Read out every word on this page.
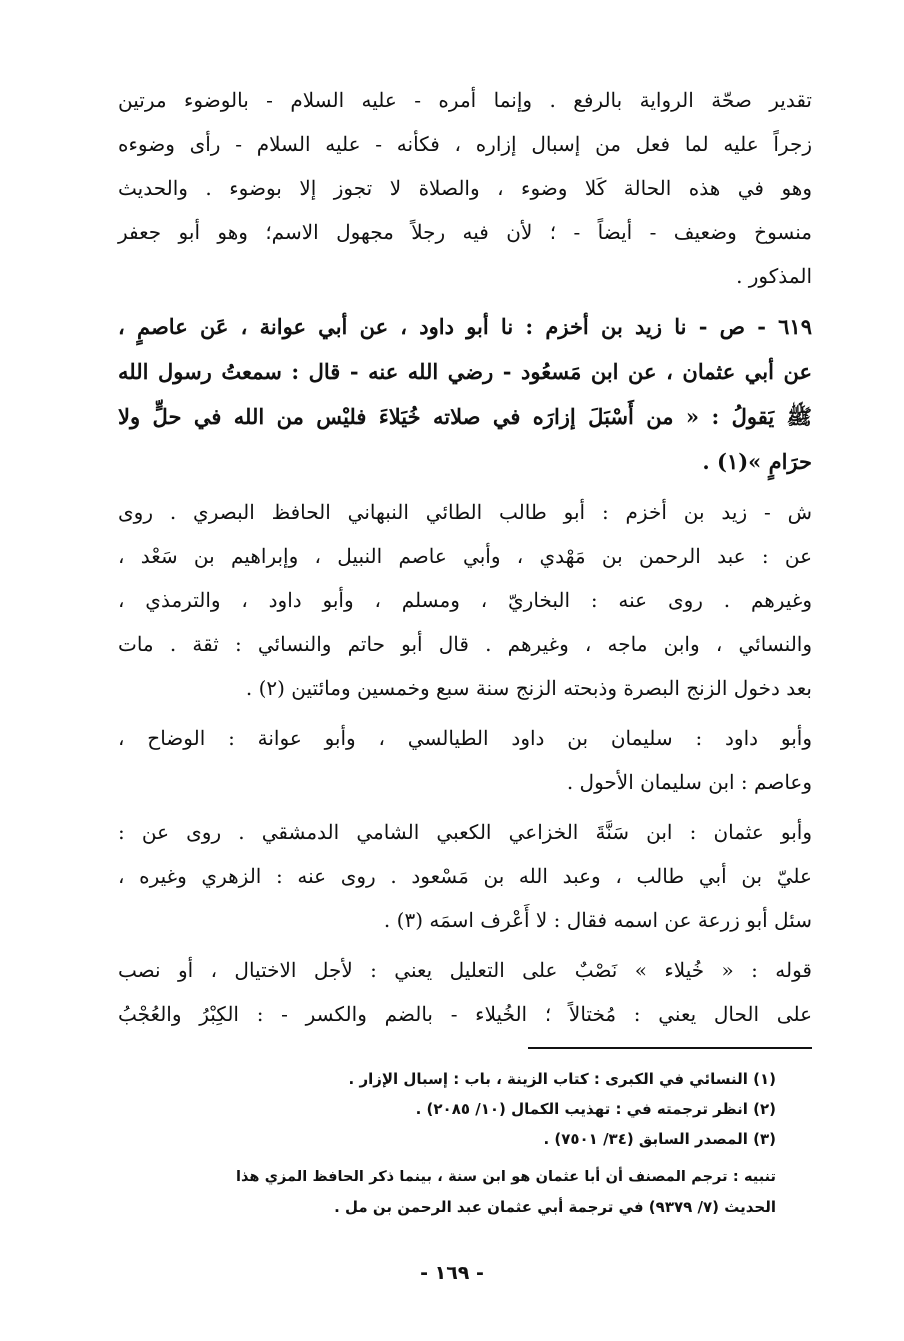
تقدير صحّة الرواية بالرفع . وإنما أمره - عليه السلام - بالوضوء مرتين
زجراً عليه لما فعل من إسبال إزاره ، فكأنه - عليه السلام - رأى وضوءه
وهو في هذه الحالة كَلا وضوء ، والصلاة لا تجوز إلا بوضوء . والحديث
منسوخ وضعيف - أيضاً - ؛ لأن فيه رجلاً مجهول الاسم؛ وهو أبو جعفر
المذكور .
٦١٩ - ص - نا زيد بن أخزم : نا أبو داود ، عن أبي عوانة ، عَن عاصمٍ ،
عن أبي عثمان ، عن ابن مَسعُود - رضي الله عنه - قال : سمعتُ رسول الله
ﷺ يَقولُ : « من أَسْبَلَ إزارَه في صلاته خُيَلاءَ فليْس من الله في حلٍّ ولا
حرَامٍ »(١) .
ش - زيد بن أخزم : أبو طالب الطائي النبهاني الحافظ البصري . روى
عن : عبد الرحمن بن مَهْدي ، وأبي عاصم النبيل ، وإبراهيم بن سَعْد ،
وغيرهم . روى عنه : البخاريّ ، ومسلم ، وأبو داود ، والترمذي ،
والنسائي ، وابن ماجه ، وغيرهم . قال أبو حاتم والنسائي : ثقة . مات
بعد دخول الزنج البصرة وذبحته الزنج سنة سبع وخمسين ومائتين (٢) .
وأبو داود : سليمان بن داود الطيالسي ، وأبو عوانة : الوضاح ،
وعاصم : ابن سليمان الأحول .
وأبو عثمان : ابن سَنَّةَ الخزاعي الكعبي الشامي الدمشقي . روى عن :
عليّ بن أبي طالب ، وعبد الله بن مَسْعود . روى عنه : الزهري وغيره ،
سئل أبو زرعة عن اسمه فقال : لا أَعْرف اسمَه (٣) .
قوله : « خُيلاء » نَصْبٌ على التعليل يعني : لأجل الاختيال ، أو نصب
على الحال يعني : مُختالاً ؛ الخُيلاء - بالضم والكسر - : الكِبْرُ والعُجْبُ
(١) النسائي في الكبرى : كتاب الزينة ، باب : إسبال الإزار .
(٢) انظر ترجمته في : تهذيب الكمال (١٠/ ٢٠٨٥) .
(٣) المصدر السابق (٣٤/ ٧٥٠١) .
تنبيه : ترجم المصنف أن أبا عثمان هو ابن سنة ، بينما ذكر الحافظ المزي هذا
الحديث (٧/ ٩٣٧٩) في ترجمة أبي عثمان عبد الرحمن بن مل .
- ١٦٩ -
